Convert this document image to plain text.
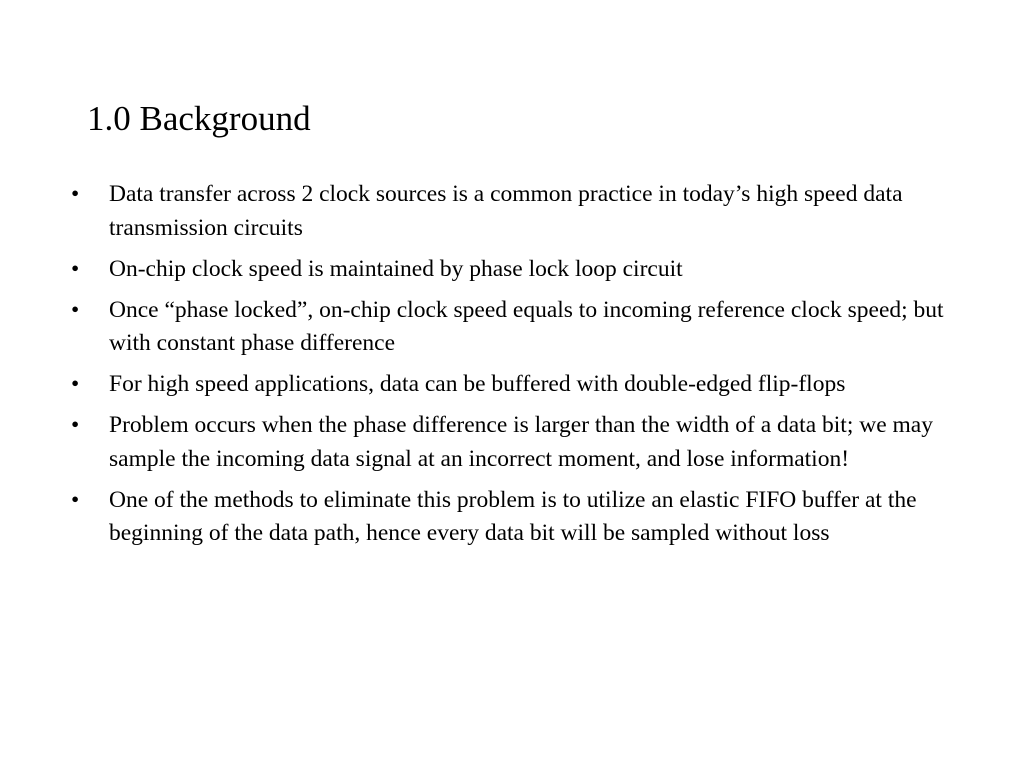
1.0 Background
•	Data transfer across 2 clock sources is a common practice in today’s high speed data transmission circuits
•	On-chip clock speed is maintained by phase lock loop circuit
•	Once “phase locked”, on-chip clock speed equals to incoming reference clock speed; but with constant phase difference
•	For high speed applications, data can be buffered with double-edged flip-flops
•	Problem occurs when the phase difference is larger than the width of a data bit; we may sample the incoming data signal at an incorrect moment, and lose information!
•	One of the methods to eliminate this problem is to utilize an elastic FIFO buffer at the beginning of the data path, hence every data bit will be sampled without loss
